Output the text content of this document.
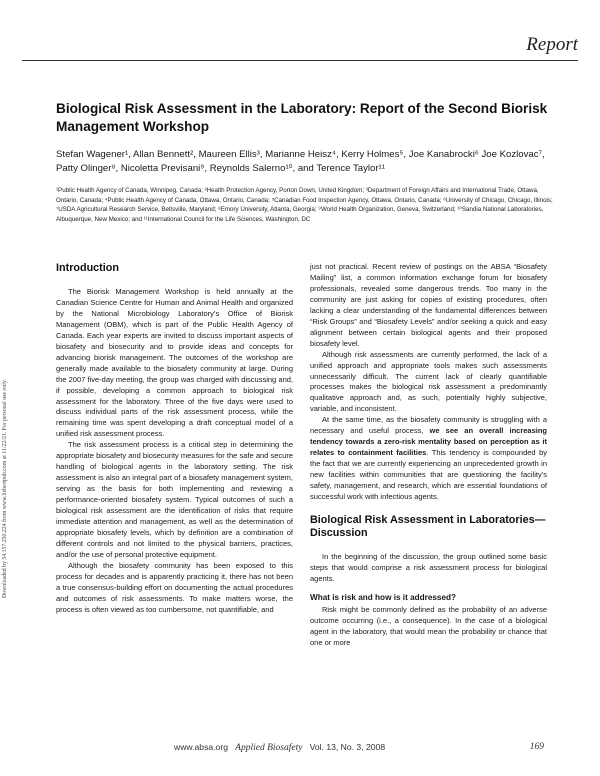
Report
Biological Risk Assessment in the Laboratory: Report of the Second Biorisk Management Workshop
Stefan Wagener¹, Allan Bennett², Maureen Ellis³, Marianne Heisz⁴, Kerry Holmes⁵, Joe Kanabrocki⁶ Joe Kozlovac⁷, Patty Olinger⁸, Nicoletta Previsani⁹, Reynolds Salerno¹⁰, and Terence Taylor¹¹
¹Public Health Agency of Canada, Winnipeg, Canada; ²Health Protection Agency, Porton Down, United Kingdom; ³Department of Foreign Affairs and International Trade, Ottawa, Ontario, Canada; ⁴Public Health Agency of Canada, Ottawa, Ontario, Canada; ⁵Canadian Food Inspection Agency, Ottawa, Ontario, Canada; ⁶University of Chicago, Chicago, Illinois; ⁷USDA Agricultural Research Service, Beltsville, Maryland; ⁸Emory University, Atlanta, Georgia; ⁹World Health Organization, Geneva, Switzerland; ¹⁰Sandia National Laboratories, Albuquerque, New Mexico; and ¹¹International Council for the Life Sciences, Washington, DC
Downloaded by 54.157.250.224 from www.liebertpub.com at 11/22/21. For personal use only.
Introduction

The Biorisk Management Workshop is held annually at the Canadian Science Centre for Human and Animal Health and organized by the National Microbiology Laboratory’s Office of Biorisk Management (OBM), which is part of the Public Health Agency of Canada. Each year experts are invited to discuss important aspects of biosafety and biosecurity and to provide ideas and concepts for advancing biorisk management. The outcomes of the workshop are generally made available to the biosafety community at large. During the 2007 five-day meeting, the group was charged with discussing and, if possible, developing a common approach to biological risk assessment for the laboratory. Three of the five days were used to discuss individual parts of the risk assessment process, while the remaining time was spent developing a draft conceptual model of a unified risk assessment process.

The risk assessment process is a critical step in determining the appropriate biosafety and biosecurity measures for the safe and secure handling of biological agents in the laboratory setting. The risk assessment is also an integral part of a biosafety management system, serving as the basis for both implementing and reviewing a performance-oriented biosafety system. Typical outcomes of such a biological risk assessment are the identification of risks that require immediate attention and management, as well as the determination of appropriate biosafety levels, which by definition are a combination of different controls and not limited to the physical barriers, practices, and/or the use of personal protective equipment.

Although the biosafety community has been exposed to this process for decades and is apparently practicing it, there has not been a true consensus-building effort on documenting the actual procedures and outcomes of risk assessments. To make matters worse, the process is often viewed as too cumbersome, not quantifiable, and

just not practical. Recent review of postings on the ABSA “Biosafety Mailing” list, a common information exchange forum for biosafety professionals, revealed some dangerous trends. Too many in the community are just asking for copies of existing procedures, often lacking a clear understanding of the fundamental differences between “Risk Groups” and “Biosafety Levels” and/or seeking a quick and easy alignment between certain biological agents and their proposed biosafety level.

Although risk assessments are currently performed, the lack of a unified approach and appropriate tools makes such assessments unnecessarily difficult. The current lack of clearly quantifiable processes makes the biological risk assessment a predominantly qualitative approach and, as such, potentially highly subjective, variable, and inconsistent.

At the same time, as the biosafety community is struggling with a necessary and useful process, we see an overall increasing tendency towards a zero-risk mentality based on perception as it relates to containment facilities. This tendency is compounded by the fact that we are currently experiencing an unprecedented growth in new facilities within communities that are questioning the facility’s safety, management, and research, which are essential foundations of successful work with infectious agents.

Biological Risk Assessment in Laboratories—Discussion

In the beginning of the discussion, the group outlined some basic steps that would comprise a risk assessment process for biological agents.

What is risk and how is it addressed?

Risk might be commonly defined as the probability of an adverse outcome occurring (i.e., a consequence). In the case of a biological agent in the laboratory, that would mean the probability or chance that one or more

www.absa.org Applied Biosafety Vol. 13, No. 3, 2008	169
